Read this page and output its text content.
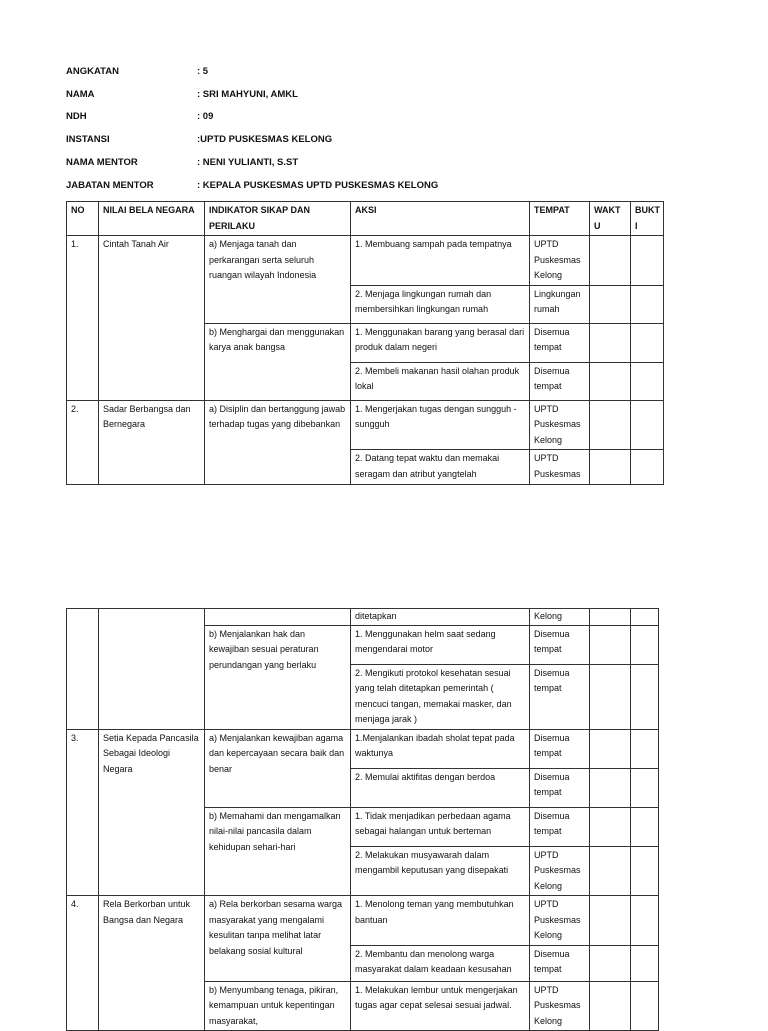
ANGKATAN	: 5
NAMA	: SRI MAHYUNI, AMKL
NDH	: 09
INSTANSI	:UPTD PUSKESMAS KELONG
NAMA MENTOR	: NENI YULIANTI, S.ST
JABATAN MENTOR	: KEPALA PUSKESMAS UPTD PUSKESMAS KELONG
NO	NILAI BELA NEGARA	INDIKATOR SIKAP DAN PERILAKU	AKSI	TEMPAT	WAKT U	BUKT I
1.	Cintah Tanah Air	a) Menjaga tanah dan perkarangan serta seluruh ruangan wilayah Indonesia	1. Membuang sampah pada tempatnya	UPTD Puskesmas Kelong		
			2. Menjaga lingkungan rumah dan membersihkan lingkungan rumah	Lingkungan rumah		
		b) Menghargai dan menggunakan karya anak bangsa	1. Menggunakan barang yang berasal dari produk dalam negeri	Disemua tempat		
			2. Membeli makanan hasil olahan produk lokal	Disemua tempat		
2.	Sadar Berbangsa dan Bernegara	a) Disiplin dan bertanggung jawab terhadap tugas yang dibebankan	1. Mengerjakan tugas dengan sungguh - sungguh	UPTD Puskesmas Kelong		
			2. Datang tepat waktu dan memakai seragam dan atribut yangtelah	UPTD Puskesmas		
			ditetapkan	Kelong		
		b) Menjalankan hak dan kewajiban sesuai peraturan perundangan yang berlaku	1. Menggunakan helm saat sedang mengendarai motor	Disemua tempat		
			2. Mengikuti protokol kesehatan sesuai yang telah ditetapkan pemerintah ( mencuci tangan, memakai masker, dan menjaga jarak )	Disemua tempat		
3.	Setia Kepada Pancasila Sebagai Ideologi Negara	a) Menjalankan kewajiban agama dan kepercayaan secara baik dan benar	1.Menjalankan ibadah sholat tepat pada waktunya	Disemua tempat		
			2. Memulai aktifitas dengan berdoa	Disemua tempat		
		b) Memahami dan mengamalkan nilai-nilai pancasila dalam kehidupan sehari-hari	1. Tidak menjadikan perbedaan agama sebagai halangan untuk berteman	Disemua tempat		
			2. Melakukan musyawarah dalam mengambil keputusan yang disepakati	UPTD Puskesmas Kelong		
4.	Rela Berkorban untuk Bangsa dan Negara	a) Rela berkorban sesama warga masyarakat yang mengalami kesulitan tanpa melihat latar belakang sosial kultural	1. Menolong teman yang membutuhkan bantuan	UPTD Puskesmas Kelong		
			2. Membantu dan menolong warga masyarakat dalam keadaan kesusahan	Disemua tempat		
		b) Menyumbang tenaga, pikiran, kemampuan untuk kepentingan masyarakat,	1. Melakukan lembur untuk mengerjakan tugas agar cepat selesai sesuai jadwal.	UPTD Puskesmas Kelong		
